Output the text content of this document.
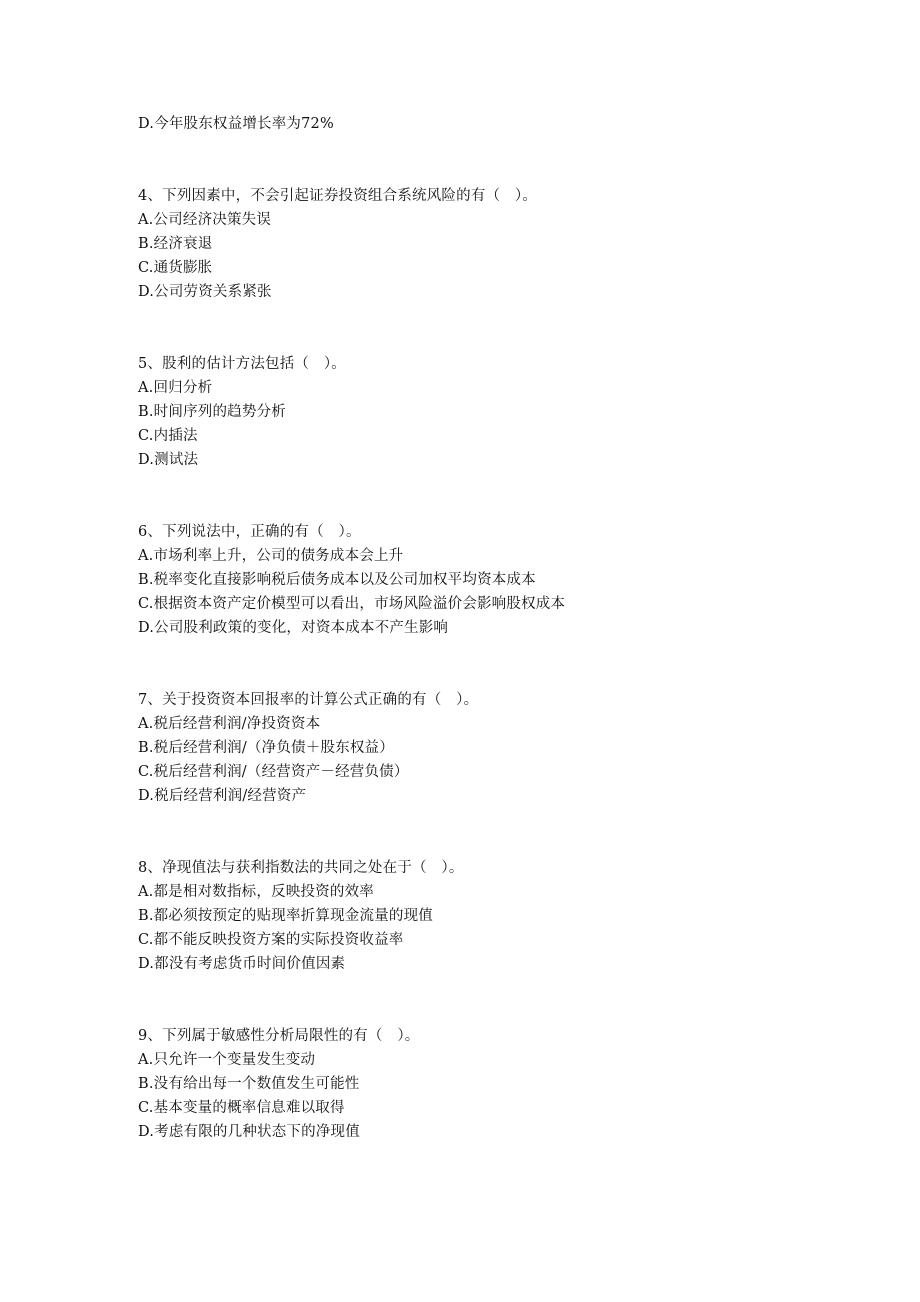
D.今年股东权益增长率为72%
4、下列因素中，不会引起证券投资组合系统风险的有（　）。
A.公司经济决策失误
B.经济衰退
C.通货膨胀
D.公司劳资关系紧张
5、股利的估计方法包括（　）。
A.回归分析
B.时间序列的趋势分析
C.内插法
D.测试法
6、下列说法中，正确的有（　）。
A.市场利率上升，公司的债务成本会上升
B.税率变化直接影响税后债务成本以及公司加权平均资本成本
C.根据资本资产定价模型可以看出，市场风险溢价会影响股权成本
D.公司股利政策的变化，对资本成本不产生影响
7、关于投资资本回报率的计算公式正确的有（　）。
A.税后经营利润/净投资资本
B.税后经营利润/（净负债＋股东权益）
C.税后经营利润/（经营资产－经营负债）
D.税后经营利润/经营资产
8、净现值法与获利指数法的共同之处在于（　）。
A.都是相对数指标，反映投资的效率
B.都必须按预定的贴现率折算现金流量的现值
C.都不能反映投资方案的实际投资收益率
D.都没有考虑货币时间价值因素
9、下列属于敏感性分析局限性的有（　）。
A.只允许一个变量发生变动
B.没有给出每一个数值发生可能性
C.基本变量的概率信息难以取得
D.考虑有限的几种状态下的净现值
